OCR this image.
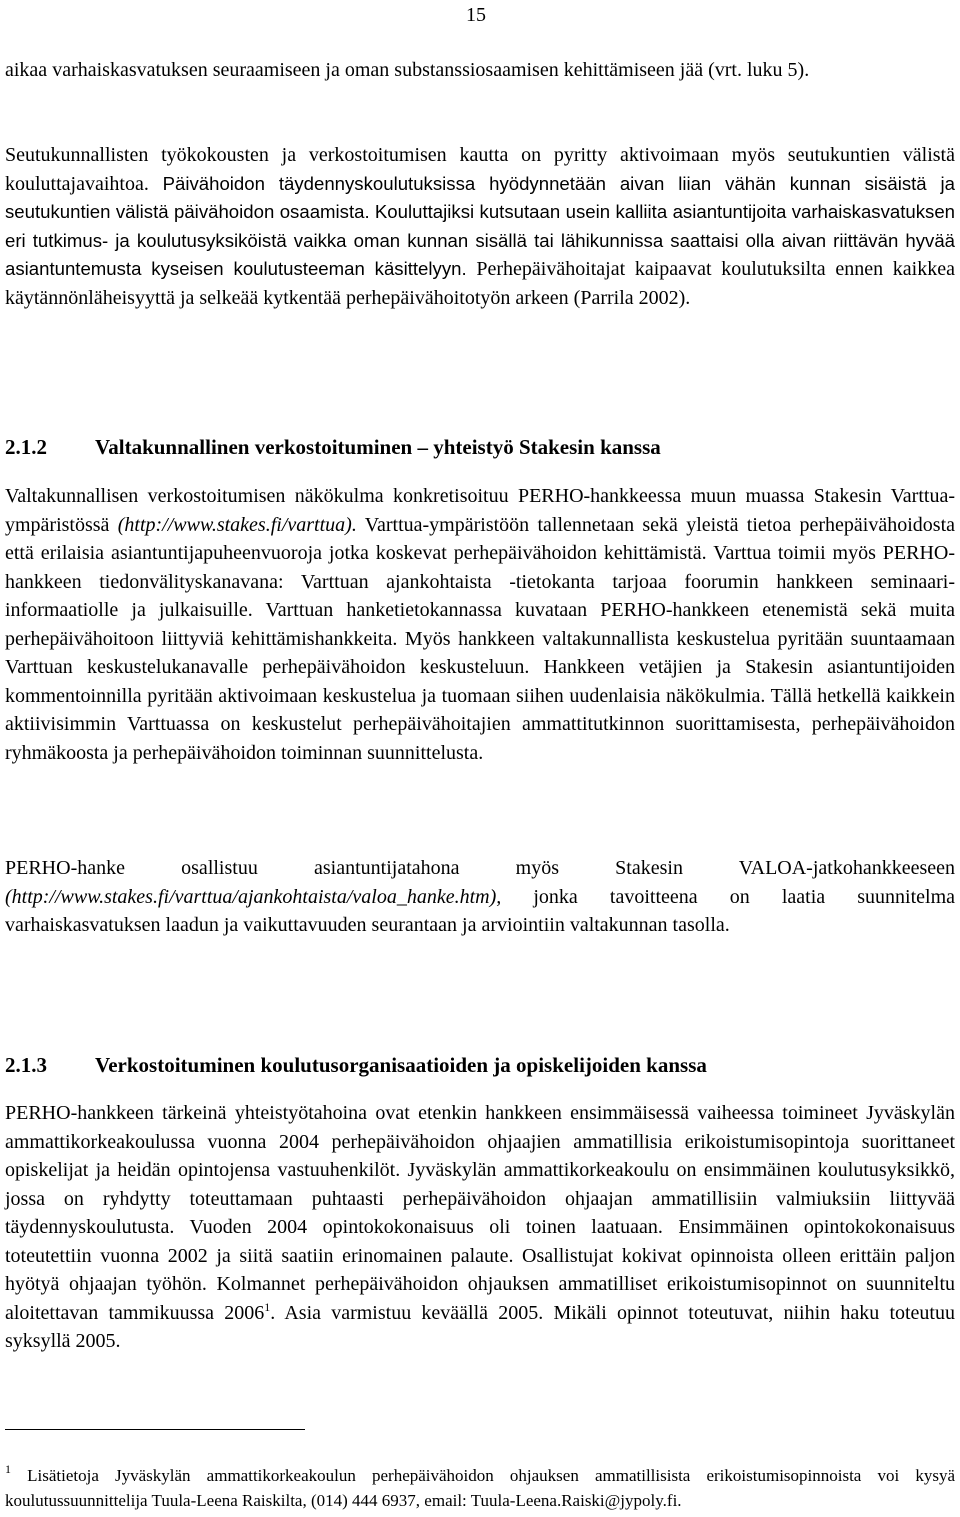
15

aikaa varhaiskasvatuksen seuraamiseen ja oman substanssiosaamisen kehittämiseen jää (vrt. luku 5).

Seutukunnallisten työkokousten ja verkostoitumisen kautta on pyritty aktivoimaan myös seutukuntien välistä kouluttajavaihtoa. Päivähoidon täydennyskoulutuksissa hyödynnetään aivan liian vähän kunnan sisäistä ja seutukuntien välistä päivähoidon osaamista. Kouluttajiksi kutsutaan usein kalliita asiantuntijoita varhaiskasvatuksen eri tutkimus- ja koulutusyksiköistä vaikka oman kunnan sisällä tai lähikunnissa saattaisi olla aivan riittävän hyvää asiantuntemusta kyseisen koulutusteeman käsittelyyn. Perhepäivähoitajat kaipaavat koulutuksilta ennen kaikkea käytännönläheisyyttä ja selkeää kytkentää perhepäivähoitotyön arkeen (Parrila 2002).

2.1.2 Valtakunnallinen verkostoituminen – yhteistyö Stakesin kanssa

Valtakunnallisen verkostoitumisen näkökulma konkretisoituu PERHO-hankkeessa muun muassa Stakesin Varttua-ympäristössä (http://www.stakes.fi/varttua). Varttua-ympäristöön tallennetaan sekä yleistä tietoa perhepäivähoidosta että erilaisia asiantuntijapuheenvuoroja jotka koskevat perhepäivähoidon kehittämistä. Varttua toimii myös PERHO-hankkeen tiedonvälityskanavana: Varttuan ajankohtaista -tietokanta tarjoaa foorumin hankkeen seminaari-informaatiolle ja julkaisuille. Varttuan hanketietokannassa kuvataan PERHO-hankkeen etenemistä sekä muita perhepäivähoitoon liittyviä kehittämishankkeita. Myös hankkeen valtakunnallista keskustelua pyritään suuntaamaan Varttuan keskustelukanavalle perhepäivähoidon keskusteluun. Hankkeen vetäjien ja Stakesin asiantuntijoiden kommentoinnilla pyritään aktivoimaan keskustelua ja tuomaan siihen uudenlaisia näkökulmia. Tällä hetkellä kaikkein aktiivisimmin Varttuassa on keskustelut perhepäivähoitajien ammattitutkinnon suorittamisesta, perhepäivähoidon ryhmäkoosta ja perhepäivähoidon toiminnan suunnittelusta.

PERHO-hanke osallistuu asiantuntijatahona myös Stakesin VALOA-jatkohankkeeseen (http://www.stakes.fi/varttua/ajankohtaista/valoa_hanke.htm), jonka tavoitteena on laatia suunnitelma varhaiskasvatuksen laadun ja vaikuttavuuden seurantaan ja arviointiin valtakunnan tasolla.

2.1.3 Verkostoituminen koulutusorganisaatioiden ja opiskelijoiden kanssa

PERHO-hankkeen tärkeinä yhteistyötahoina ovat etenkin hankkeen ensimmäisessä vaiheessa toimineet Jyväskylän ammattikorkeakoulussa vuonna 2004 perhepäivähoidon ohjaajien ammatillisia erikoistumisopintoja suorittaneet opiskelijat ja heidän opintojensa vastuuhenkilöt. Jyväskylän ammattikorkeakoulu on ensimmäinen koulutusyksikkö, jossa on ryhdytty toteuttamaan puhtaasti perhepäivähoidon ohjaajan ammatillisiin valmiuksiin liittyvää täydennyskoulutusta. Vuoden 2004 opintokokonaisuus oli toinen laatuaan. Ensimmäinen opintokokonaisuus toteutettiin vuonna 2002 ja siitä saatiin erinomainen palaute. Osallistujat kokivat opinnoista olleen erittäin paljon hyötyä ohjaajan työhön. Kolmannet perhepäivähoidon ohjauksen ammatilliset erikoistumisopinnot on suunniteltu aloitettavan tammikuussa 2006$^1$. Asia varmistuu keväällä 2005. Mikäli opinnot toteutuvat, niihin haku toteutuu syksyllä 2005.

$^1$ Lisätietoja Jyväskylän ammattikorkeakoulun perhepäivähoidon ohjauksen ammatillisista erikoistumisopinnoista voi kysyä koulutussuunnittelija Tuula-Leena Raiskilta, (014) 444 6937, email: Tuula-Leena.Raiski@jypoly.fi.
